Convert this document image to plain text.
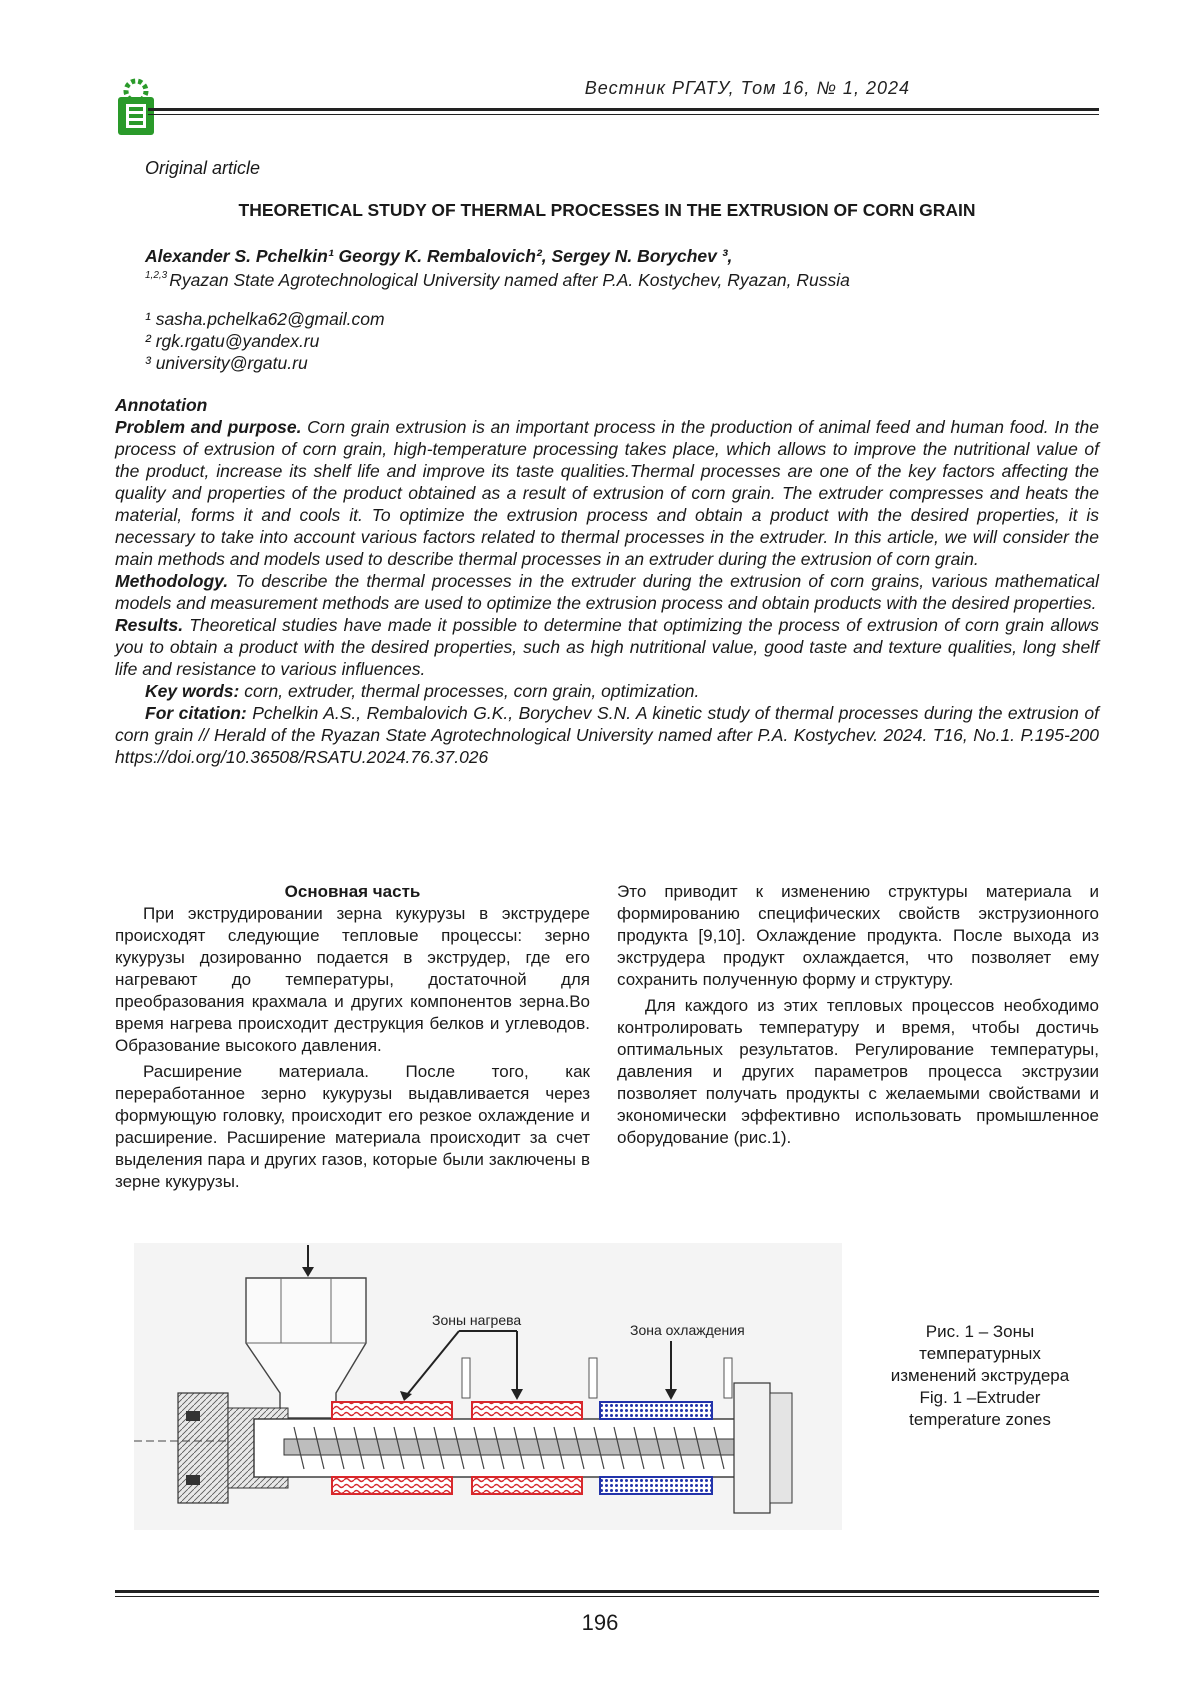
Вестник РГАТУ, Том 16, № 1, 2024
Original article
THEORETICAL STUDY OF THERMAL PROCESSES IN THE EXTRUSION OF CORN GRAIN
Alexander S. Pchelkin¹ Georgy K. Rembalovich², Sergey N. Borychev ³,
$^{1,2,3}$ Ryazan State Agrotechnological University named after P.A. Kostychev, Ryazan, Russia
¹ sasha.pchelka62@gmail.com
² rgk.rgatu@yandex.ru
³ university@rgatu.ru

Annotation

Problem and purpose. Corn grain extrusion is an important process in the production of animal feed and human food. In the process of extrusion of corn grain, high-temperature processing takes place, which allows to improve the nutritional value of the product, increase its shelf life and improve its taste qualities.Thermal processes are one of the key factors affecting the quality and properties of the product obtained as a result of extrusion of corn grain. The extruder compresses and heats the material, forms it and cools it. To optimize the extrusion process and obtain a product with the desired properties, it is necessary to take into account various factors related to thermal processes in the extruder. In this article, we will consider the main methods and models used to describe thermal processes in an extruder during the extrusion of corn grain.

Methodology. To describe the thermal processes in the extruder during the extrusion of corn grains, various mathematical models and measurement methods are used to optimize the extrusion process and obtain products with the desired properties.

Results. Theoretical studies have made it possible to determine that optimizing the process of extrusion of corn grain allows you to obtain a product with the desired properties, such as high nutritional value, good taste and texture qualities, long shelf life and resistance to various influences.

Key words: corn, extruder, thermal processes, corn grain, optimization.

For citation: Pchelkin A.S., Rembalovich G.K., Borychev S.N. A kinetic study of thermal processes during the extrusion of corn grain // Herald of the Ryazan State Agrotechnological University named after P.A. Kostychev. 2024. T16, No.1. P.195-200 https://doi.org/10.36508/RSATU.2024.76.37.026

Основная часть

При экструдировании зерна кукурузы в экструдере происходят следующие тепловые процессы: зерно кукурузы дозированно подается в экструдер, где его нагревают до температуры, достаточной для преобразования крахмала и других компонентов зерна.Во время нагрева происходит деструкция белков и углеводов. Образование высокого давления.

Расширение материала. После того, как переработанное зерно кукурузы выдавливается через формующую головку, происходит его резкое охлаждение и расширение. Расширение материала происходит за счет выделения пара и других газов, которые были заключены в зерне кукурузы.

Это приводит к изменению структуры материала и формированию специфических свойств экструзионного продукта [9,10]. Охлаждение продукта. После выхода из экструдера продукт охлаждается, что позволяет ему сохранить полученную форму и структуру.

Для каждого из этих тепловых процессов необходимо контролировать температуру и время, чтобы достичь оптимальных результатов. Регулирование температуры, давления и других параметров процесса экструзии позволяет получать продукты с желаемыми свойствами и экономически эффективно использовать промышленное оборудование (рис.1).

Зоны нагрева
Зона охлаждения	Рис. 1 – Зоны
температурных
изменений экструдера
Fig. 1 –Extruder
temperature zones
196
